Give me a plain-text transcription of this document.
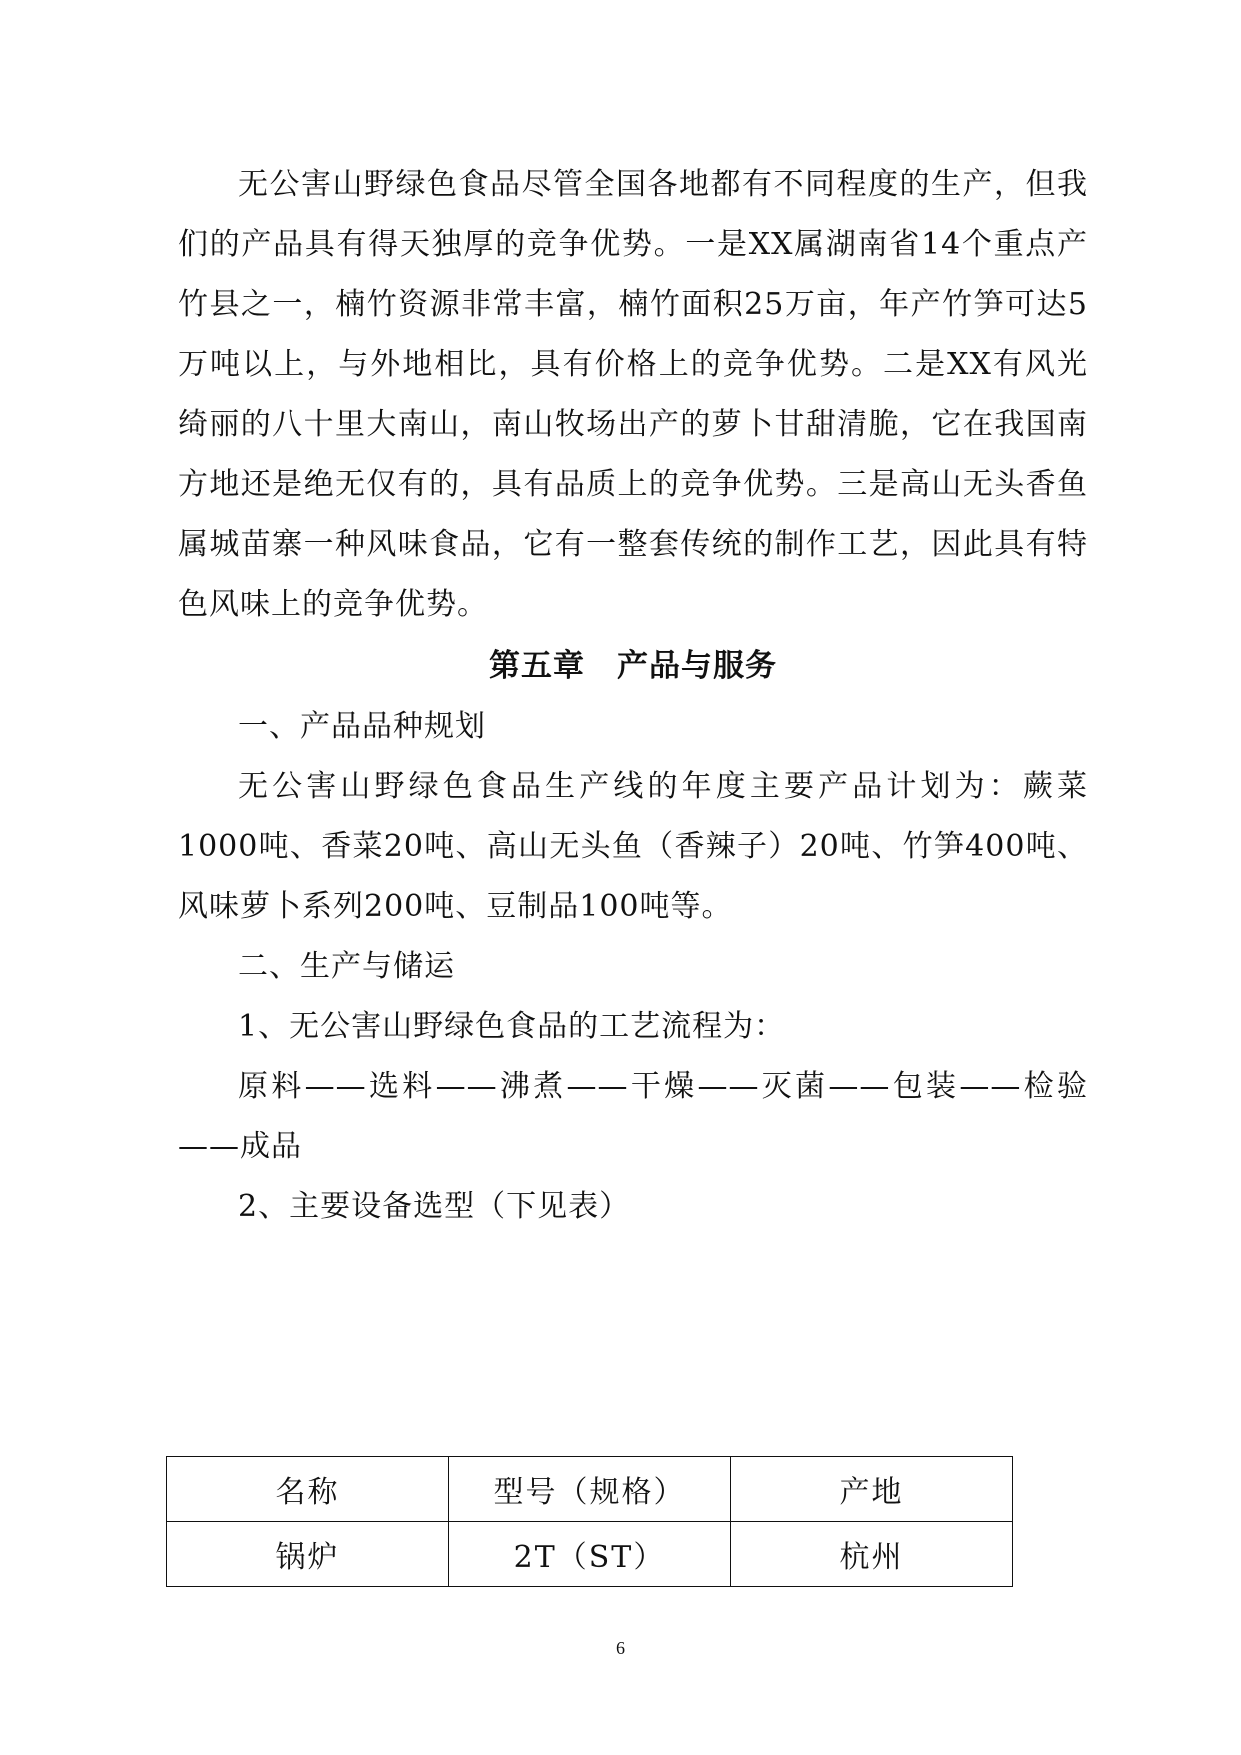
无公害山野绿色食品尽管全国各地都有不同程度的生产，但我们的产品具有得天独厚的竞争优势。一是XX属湖南省14个重点产竹县之一，楠竹资源非常丰富，楠竹面积25万亩，年产竹笋可达5万吨以上，与外地相比，具有价格上的竞争优势。二是XX有风光绮丽的八十里大南山，南山牧场出产的萝卜甘甜清脆，它在我国南方地还是绝无仅有的，具有品质上的竞争优势。三是高山无头香鱼属城苗寨一种风味食品，它有一整套传统的制作工艺，因此具有特色风味上的竞争优势。

第五章　产品与服务

一、产品品种规划

无公害山野绿色食品生产线的年度主要产品计划为：蕨菜1000吨、香菜20吨、高山无头鱼（香辣子）20吨、竹笋400吨、风味萝卜系列200吨、豆制品100吨等。

二、生产与储运

1、无公害山野绿色食品的工艺流程为：

原料——选料——沸煮——干燥——灭菌——包装——检验——成品

2、主要设备选型（下见表）

名称	型号（规格）	产地
锅炉	2T（ST）	杭州
6
